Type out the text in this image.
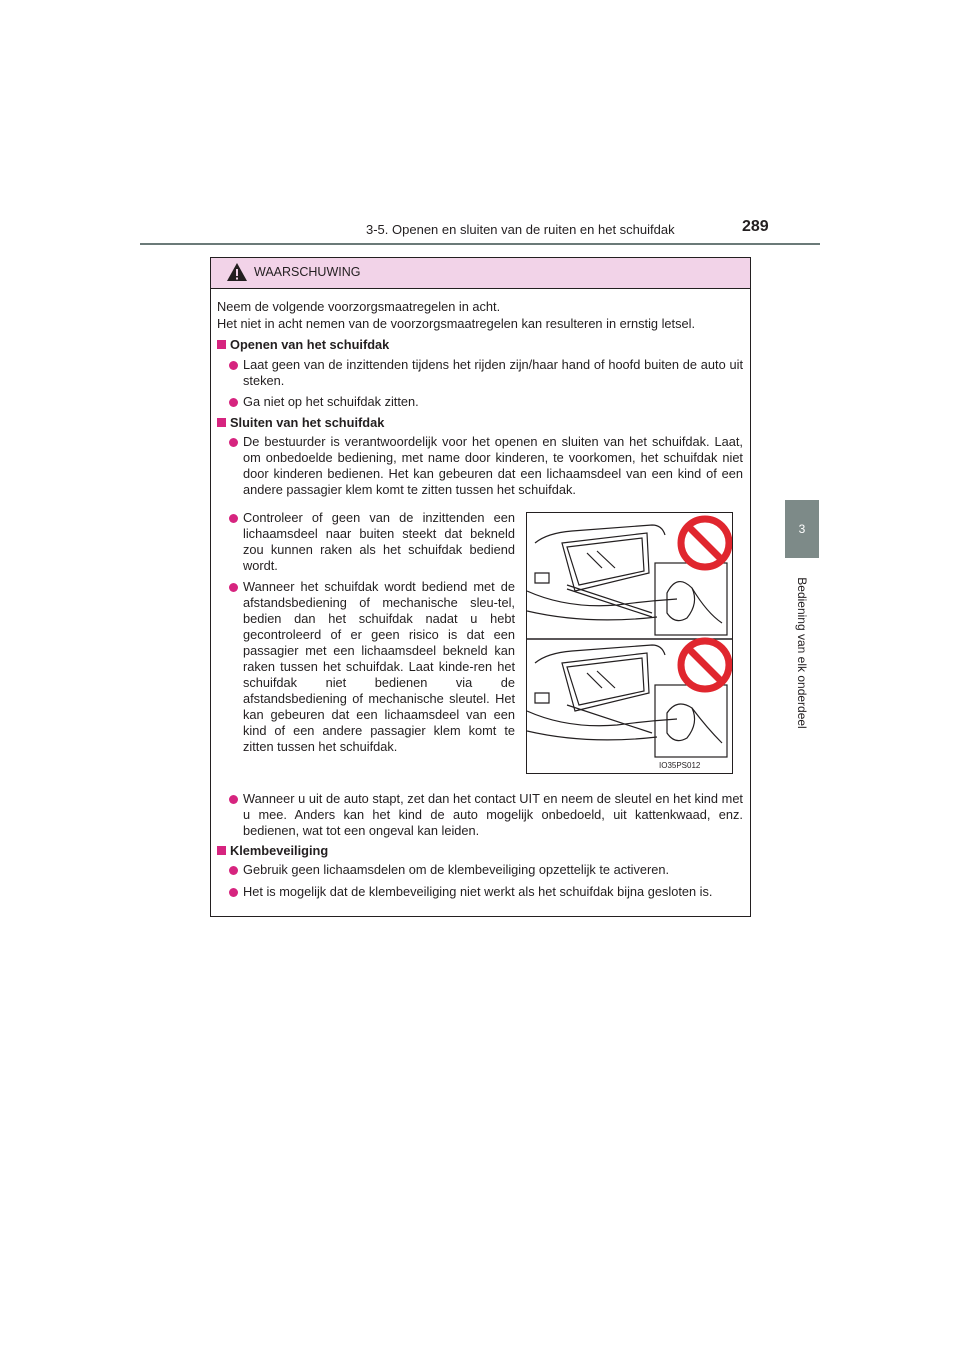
3-5. Openen en sluiten van de ruiten en het schuifdak	289
3
Bediening van elk onderdeel
WAARSCHUWING
Neem de volgende voorzorgsmaatregelen in acht.
Het niet in acht nemen van de voorzorgsmaatregelen kan resulteren in ernstig letsel.
Openen van het schuifdak
Laat geen van de inzittenden tijdens het rijden zijn/haar hand of hoofd buiten de auto uit steken.
Ga niet op het schuifdak zitten.
Sluiten van het schuifdak
De bestuurder is verantwoordelijk voor het openen en sluiten van het schuifdak. Laat, om onbedoelde bediening, met name door kinderen, te voorkomen, het schuifdak niet door kinderen bedienen. Het kan gebeuren dat een lichaamsdeel van een kind of een andere passagier klem komt te zitten tussen het schuifdak.
Controleer of geen van de inzittenden een lichaamsdeel naar buiten steekt dat bekneld zou kunnen raken als het schuifdak bediend wordt.
Wanneer het schuifdak wordt bediend met de afstandsbediening of mechanische sleu-tel, bedien dan het schuifdak nadat u hebt gecontroleerd of er geen risico is dat een passagier met een lichaamsdeel bekneld kan raken tussen het schuifdak. Laat kinde-ren het schuifdak niet bedienen via de afstandsbediening of mechanische sleutel. Het kan gebeuren dat een lichaamsdeel van een kind of een andere passagier klem komt te zitten tussen het schuifdak.
IO35PS012
Wanneer u uit de auto stapt, zet dan het contact UIT en neem de sleutel en het kind met u mee. Anders kan het kind de auto mogelijk onbedoeld, uit kattenkwaad, enz. bedienen, wat tot een ongeval kan leiden.
Klembeveiliging
Gebruik geen lichaamsdelen om de klembeveiliging opzettelijk te activeren.
Het is mogelijk dat de klembeveiliging niet werkt als het schuifdak bijna gesloten is.
